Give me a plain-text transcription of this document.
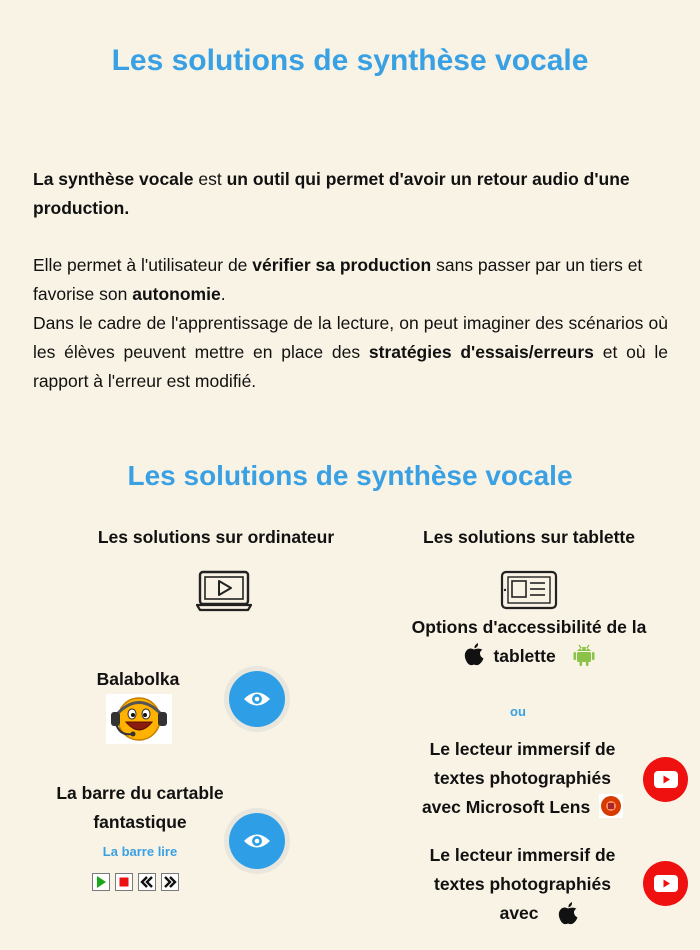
Les solutions de synthèse vocale
La synthèse vocale est un outil qui permet d'avoir un retour audio d'une production.
Elle permet à l'utilisateur de vérifier sa production sans passer par un tiers et favorise son autonomie.
Dans le cadre de l'apprentissage de la lecture, on peut imaginer des scénarios où les élèves peuvent mettre en place des stratégies d'essais/erreurs et où le rapport à l'erreur est modifié.
Les solutions de synthèse vocale
Les solutions sur ordinateur
Balabolka
La barre du cartable
fantastique
La barre lire
Les solutions sur tablette
Options d'accessibilité de la
tablette
ou
Le lecteur immersif de
textes photographiés
avec Microsoft Lens
Le lecteur immersif de
textes photographiés
avec
